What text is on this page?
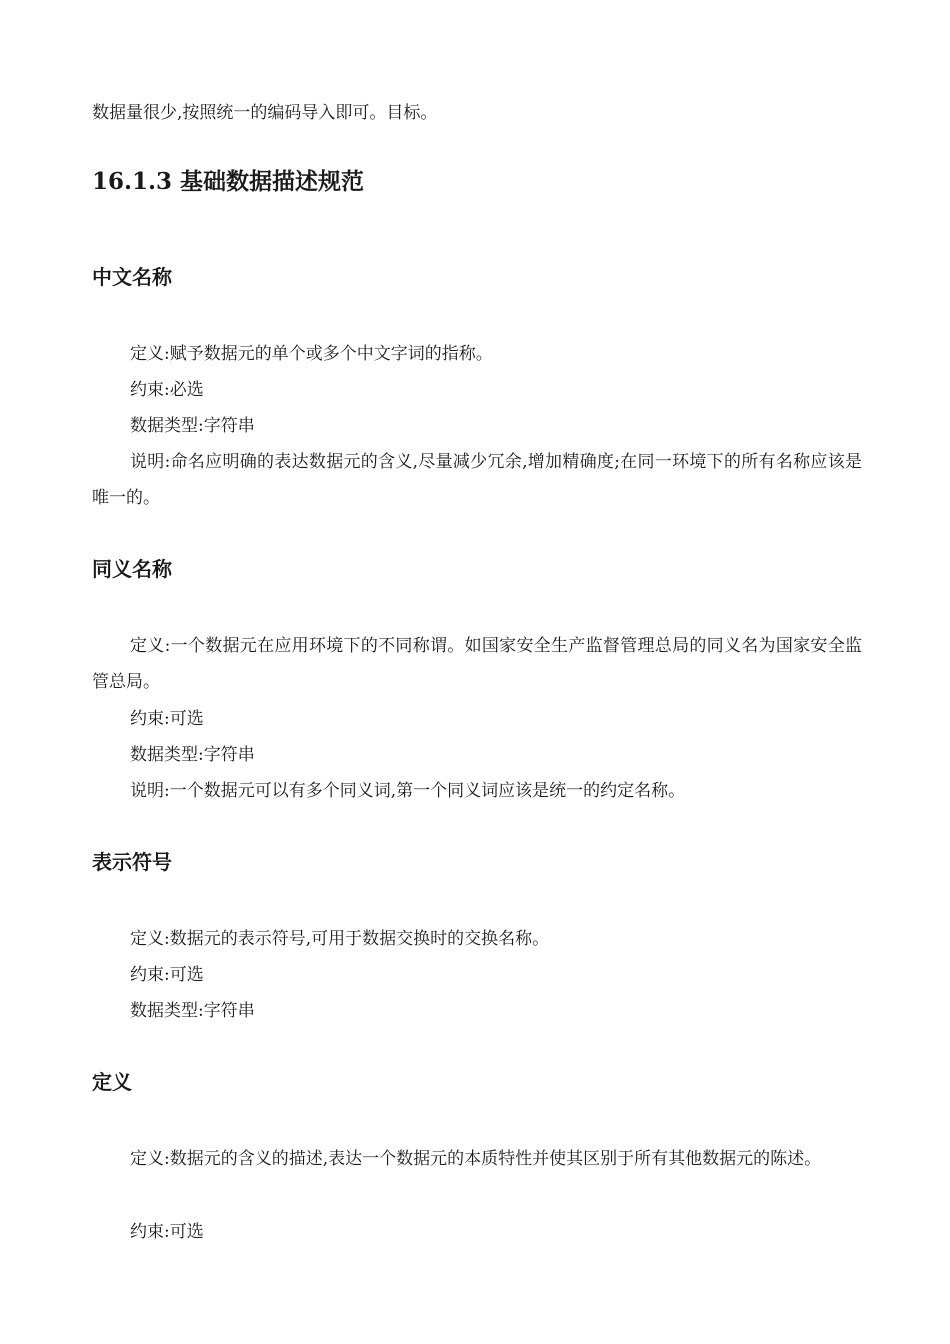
数据量很少,按照统一的编码导入即可。目标。
16.1.3 基础数据描述规范
中文名称
定义:赋予数据元的单个或多个中文字词的指称。
约束:必选
数据类型:字符串
说明:命名应明确的表达数据元的含义,尽量减少冗余,增加精确度;在同一环境下的所有名称应该是唯一的。
同义名称
定义:一个数据元在应用环境下的不同称谓。如国家安全生产监督管理总局的同义名为国家安全监管总局。
约束:可选
数据类型:字符串
说明:一个数据元可以有多个同义词,第一个同义词应该是统一的约定名称。
表示符号
定义:数据元的表示符号,可用于数据交换时的交换名称。
约束:可选
数据类型:字符串
定义
定义:数据元的含义的描述,表达一个数据元的本质特性并使其区别于所有其他数据元的陈述。
约束:可选
